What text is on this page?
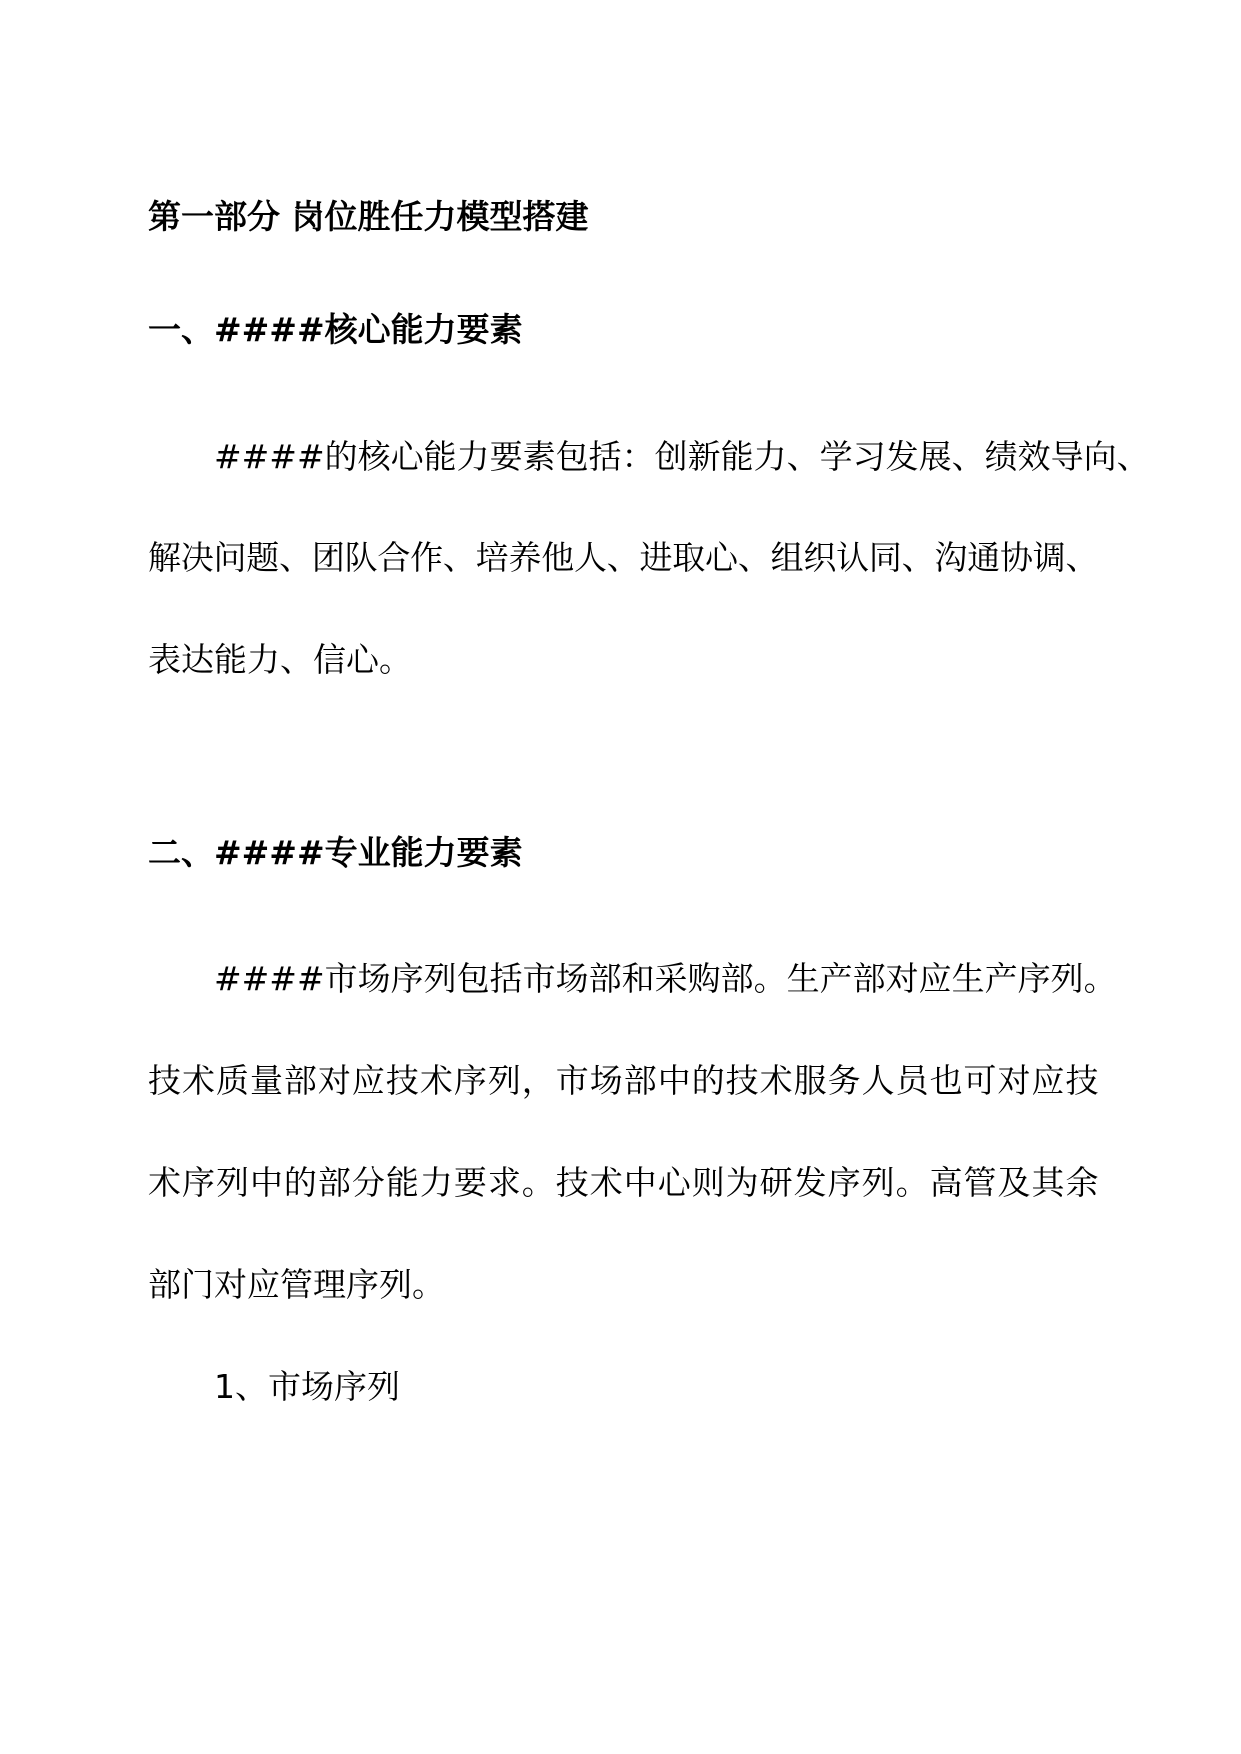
第一部分 岗位胜任力模型搭建
一、####核心能力要素
####的核心能力要素包括：创新能力、学习发展、绩效导向、
解决问题、团队合作、培养他人、进取心、组织认同、沟通协调、
表达能力、信心。
二、####专业能力要素
####市场序列包括市场部和采购部。生产部对应生产序列。
技术质量部对应技术序列，市场部中的技术服务人员也可对应技
术序列中的部分能力要求。技术中心则为研发序列。高管及其余
部门对应管理序列。
1、市场序列
